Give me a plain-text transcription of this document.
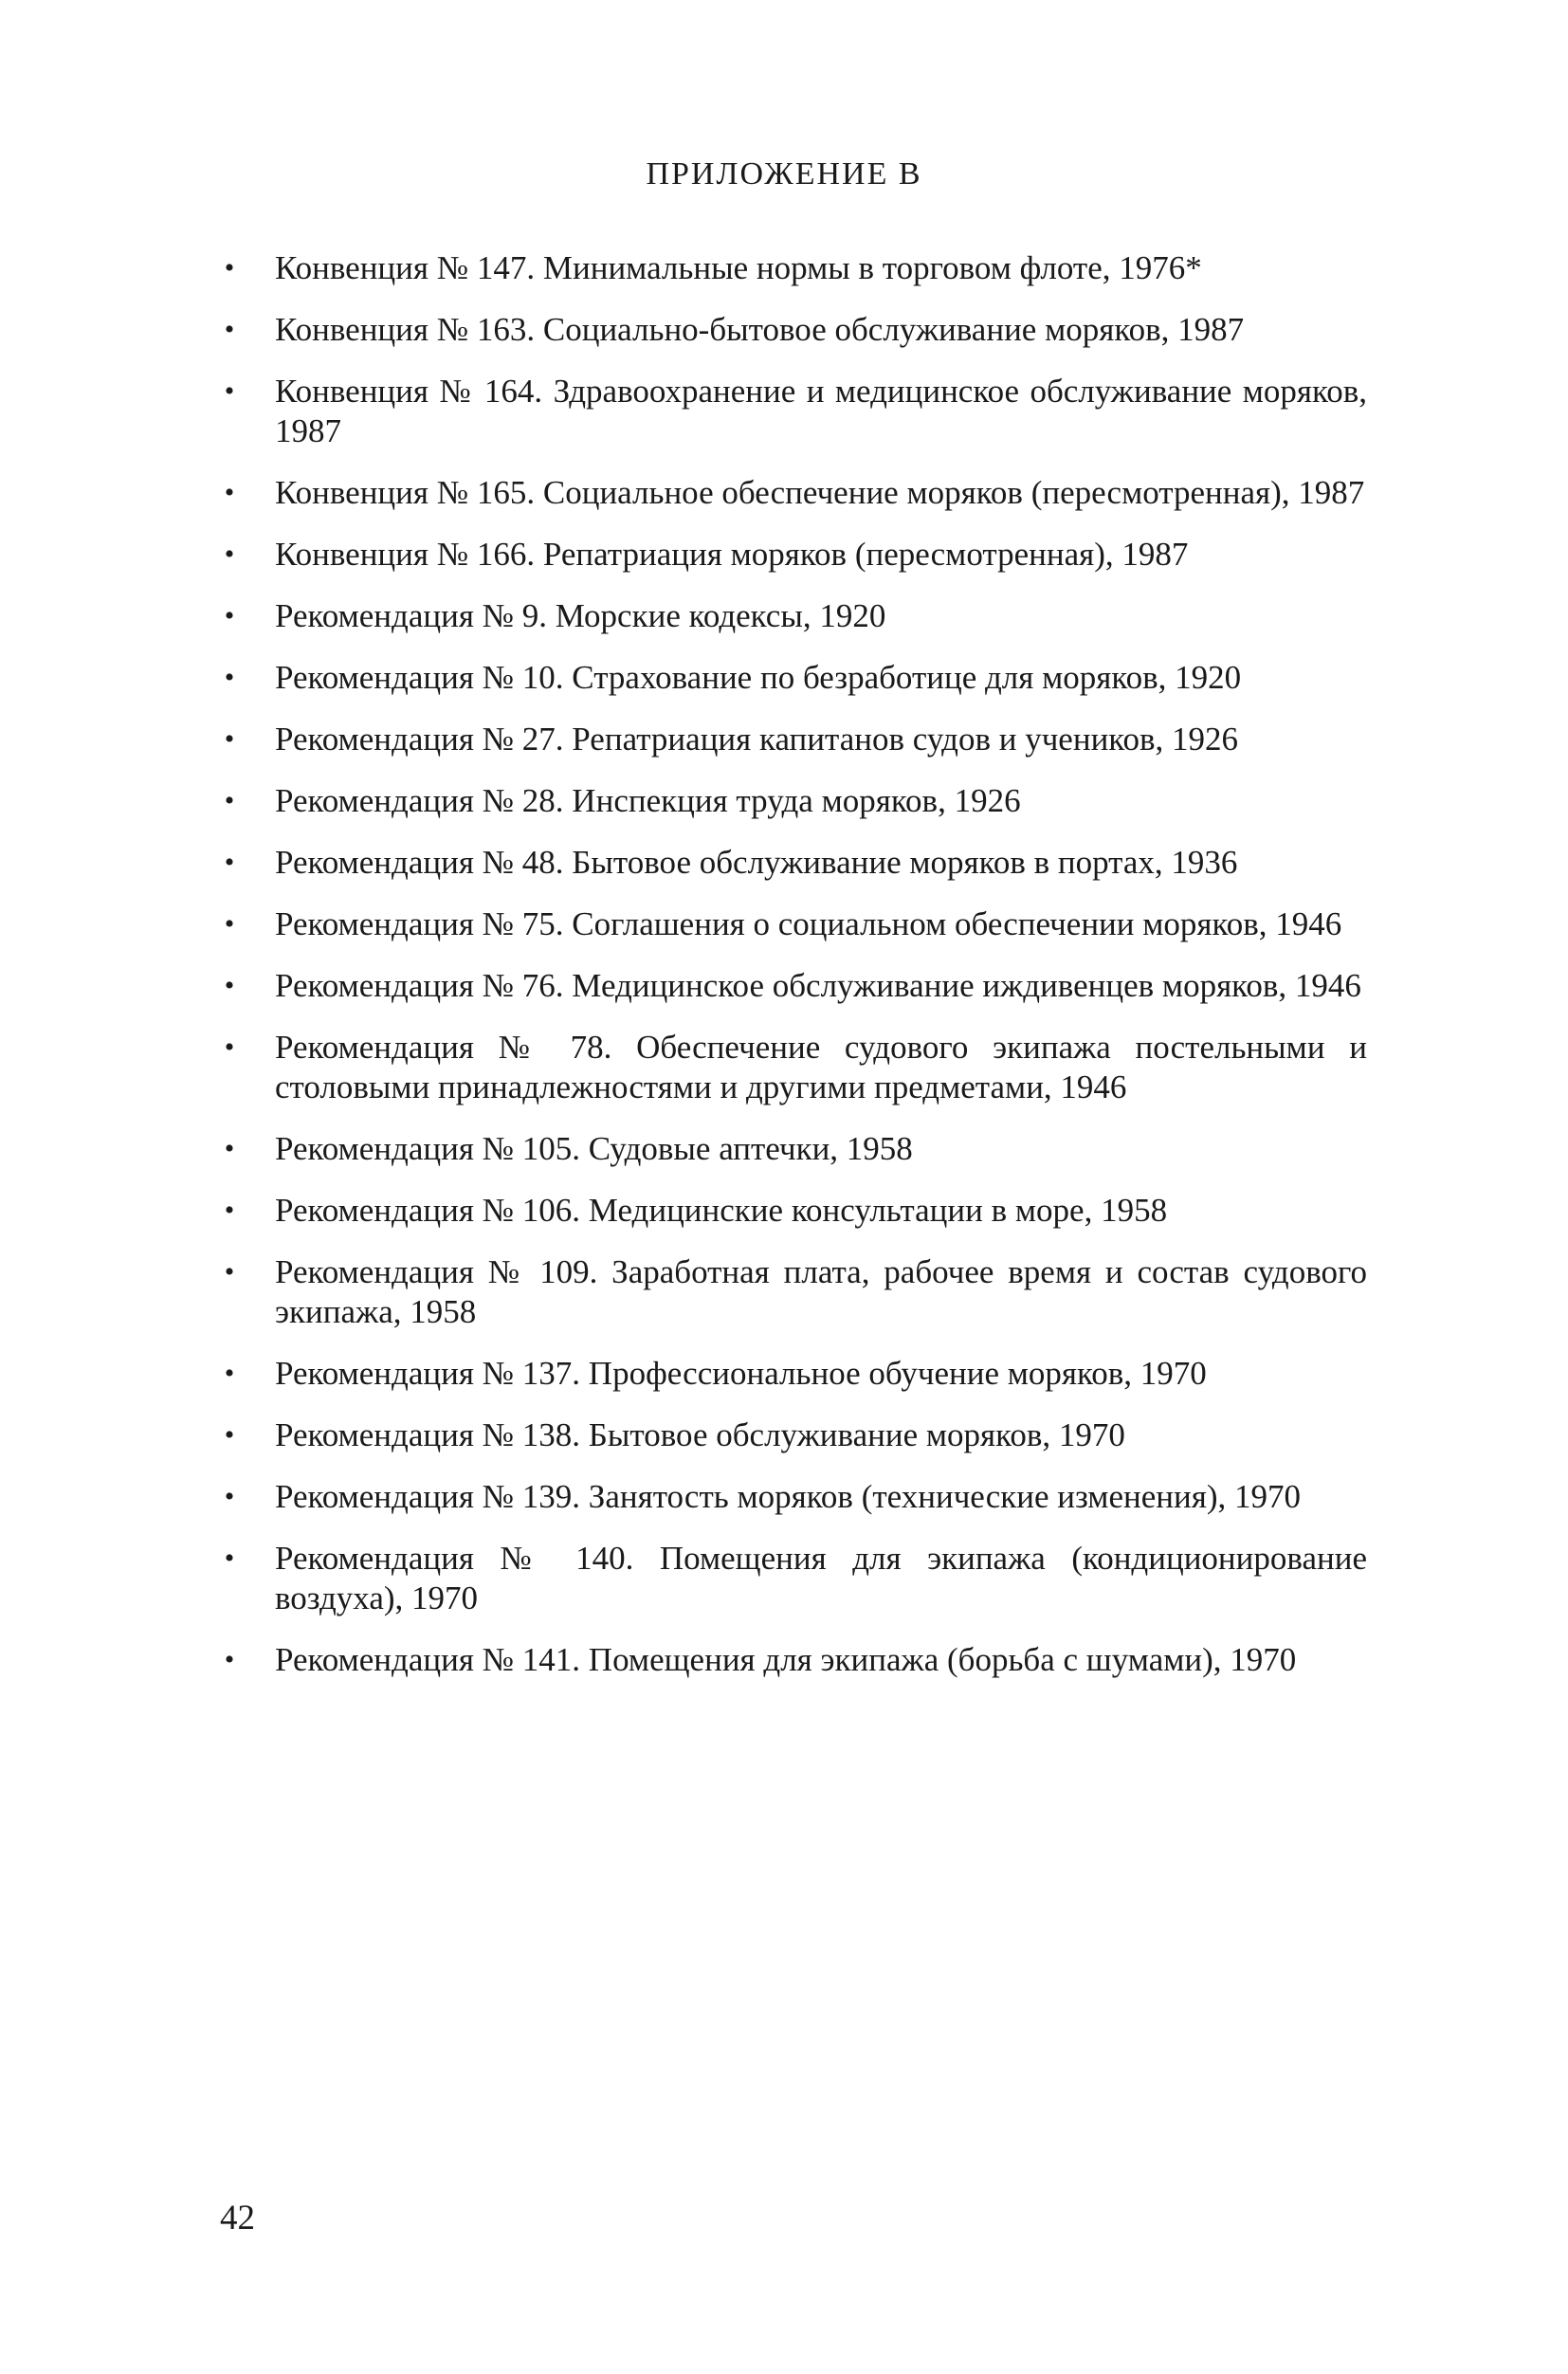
ПРИЛОЖЕНИЕ В
• Конвенция № 147. Минимальные нормы в торговом флоте, 1976*
• Конвенция № 163. Социально-бытовое обслуживание моряков, 1987
• Конвенция № 164. Здравоохранение и медицинское обслуживание моряков, 1987
• Конвенция № 165. Социальное обеспечение моряков (пересмотренная), 1987
• Конвенция № 166. Репатриация моряков (пересмотренная), 1987
• Рекомендация № 9. Морские кодексы, 1920
• Рекомендация № 10. Страхование по безработице для моряков, 1920
• Рекомендация № 27. Репатриация капитанов судов и учеников, 1926
• Рекомендация № 28. Инспекция труда моряков, 1926
• Рекомендация № 48. Бытовое обслуживание моряков в портах, 1936
• Рекомендация № 75. Соглашения о социальном обеспечении моряков, 1946
• Рекомендация № 76. Медицинское обслуживание иждивенцев моряков, 1946
• Рекомендация № 78. Обеспечение судового экипажа постельными и столовыми принадлежностями и другими предметами, 1946
• Рекомендация № 105. Судовые аптечки, 1958
• Рекомендация № 106. Медицинские консультации в море, 1958
• Рекомендация № 109. Заработная плата, рабочее время и состав судового экипажа, 1958
• Рекомендация № 137. Профессиональное обучение моряков, 1970
• Рекомендация № 138. Бытовое обслуживание моряков, 1970
• Рекомендация № 139. Занятость моряков (технические изменения), 1970
• Рекомендация № 140. Помещения для экипажа (кондиционирование воздуха), 1970
• Рекомендация № 141. Помещения для экипажа (борьба с шумами), 1970
42
